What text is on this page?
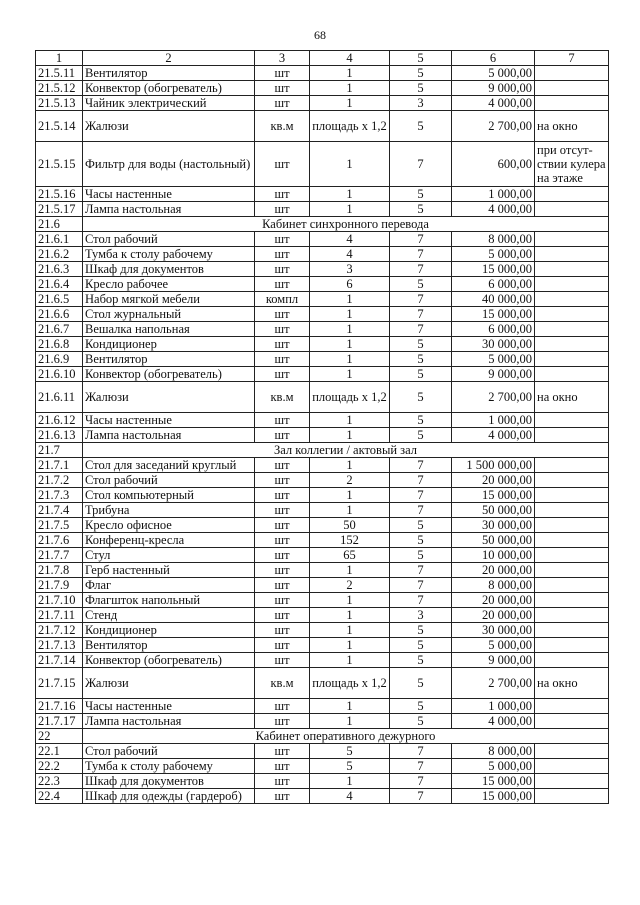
68
1	2	3	4	5	6	7
21.5.11	Вентилятор	шт	1	5	5 000,00	
21.5.12	Конвектор (обогреватель)	шт	1	5	9 000,00	
21.5.13	Чайник электрический	шт	1	3	4 000,00	
21.5.14	Жалюзи	кв.м	площадь х 1,2	5	2 700,00	на окно
21.5.15	Фильтр для воды (настольный)	шт	1	7	600,00	при отсут-ствии кулера на этаже
21.5.16	Часы настенные	шт	1	5	1 000,00	
21.5.17	Лампа настольная	шт	1	5	4 000,00	
21.6	Кабинет синхронного перевода					
21.6.1	Стол рабочий	шт	4	7	8 000,00	
21.6.2	Тумба к столу рабочему	шт	4	7	5 000,00	
21.6.3	Шкаф для документов	шт	3	7	15 000,00	
21.6.4	Кресло рабочее	шт	6	5	6 000,00	
21.6.5	Набор мягкой мебели	компл	1	7	40 000,00	
21.6.6	Стол журнальный	шт	1	7	15 000,00	
21.6.7	Вешалка напольная	шт	1	7	6 000,00	
21.6.8	Кондиционер	шт	1	5	30 000,00	
21.6.9	Вентилятор	шт	1	5	5 000,00	
21.6.10	Конвектор (обогреватель)	шт	1	5	9 000,00	
21.6.11	Жалюзи	кв.м	площадь х 1,2	5	2 700,00	на окно
21.6.12	Часы настенные	шт	1	5	1 000,00	
21.6.13	Лампа настольная	шт	1	5	4 000,00	
21.7	Зал коллегии / актовый зал					
21.7.1	Стол для заседаний круглый	шт	1	7	1 500 000,00	
21.7.2	Стол рабочий	шт	2	7	20 000,00	
21.7.3	Стол компьютерный	шт	1	7	15 000,00	
21.7.4	Трибуна	шт	1	7	50 000,00	
21.7.5	Кресло офисное	шт	50	5	30 000,00	
21.7.6	Конференц-кресла	шт	152	5	50 000,00	
21.7.7	Стул	шт	65	5	10 000,00	
21.7.8	Герб настенный	шт	1	7	20 000,00	
21.7.9	Флаг	шт	2	7	8 000,00	
21.7.10	Флагшток напольный	шт	1	7	20 000,00	
21.7.11	Стенд	шт	1	3	20 000,00	
21.7.12	Кондиционер	шт	1	5	30 000,00	
21.7.13	Вентилятор	шт	1	5	5 000,00	
21.7.14	Конвектор (обогреватель)	шт	1	5	9 000,00	
21.7.15	Жалюзи	кв.м	площадь х 1,2	5	2 700,00	на окно
21.7.16	Часы настенные	шт	1	5	1 000,00	
21.7.17	Лампа настольная	шт	1	5	4 000,00	
22	Кабинет оперативного дежурного					
22.1	Стол рабочий	шт	5	7	8 000,00	
22.2	Тумба к столу рабочему	шт	5	7	5 000,00	
22.3	Шкаф для документов	шт	1	7	15 000,00	
22.4	Шкаф для одежды (гардероб)	шт	4	7	15 000,00	
